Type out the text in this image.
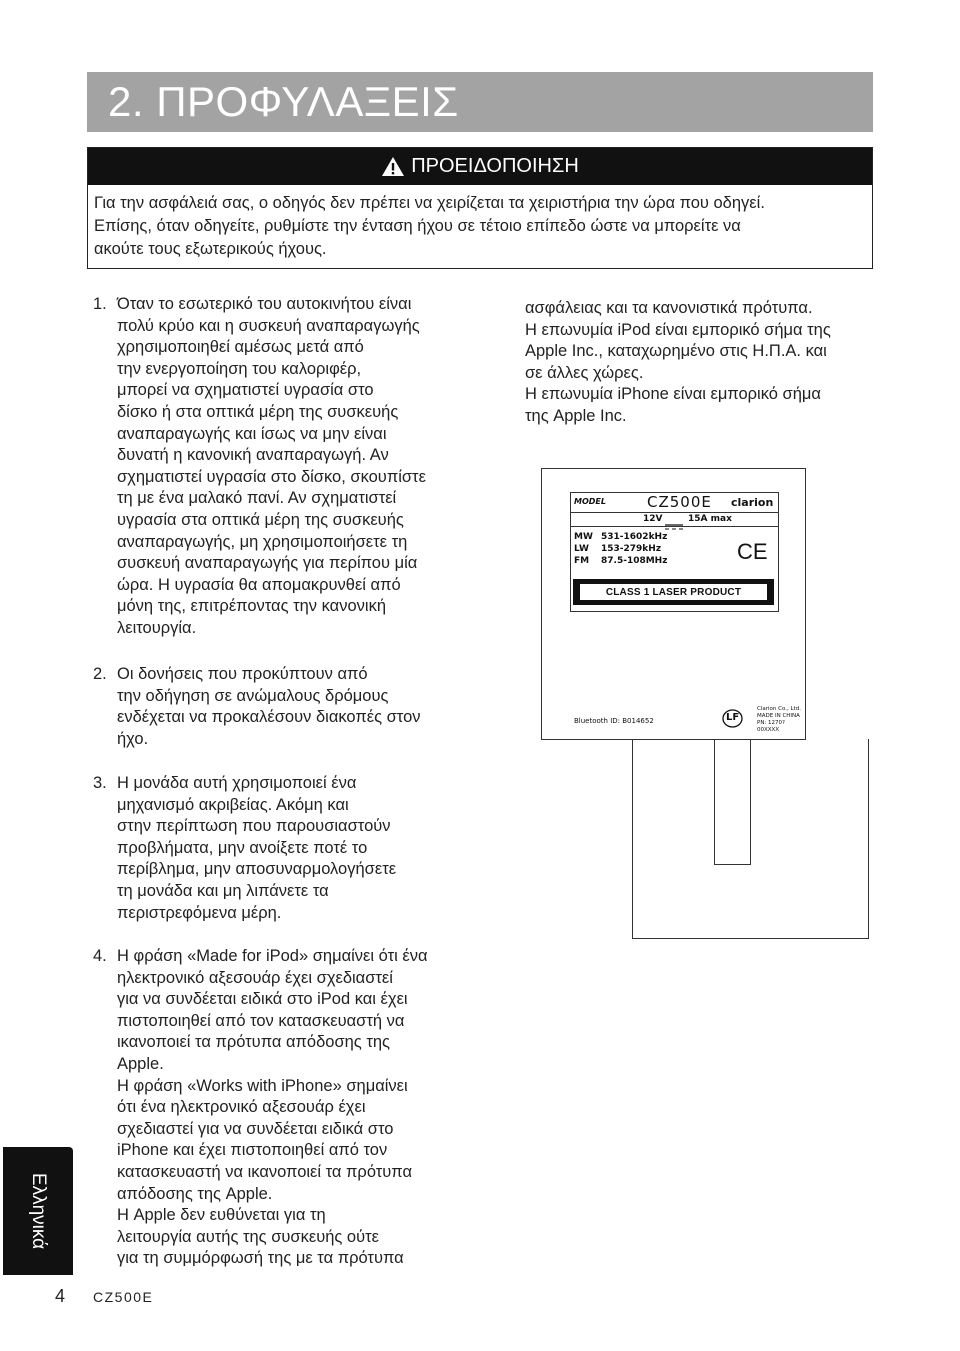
2. ΠΡΟΦΥΛΑΞΕΙΣ
ΠΡΟΕΙΔΟΠΟΙΗΣΗ
Για την ασφάλειά σας, ο οδηγός δεν πρέπει να χειρίζεται τα χειριστήρια την ώρα που οδηγεί.
Επίσης, όταν οδηγείτε, ρυθμίστε την ένταση ήχου σε τέτοιο επίπεδο ώστε να μπορείτε να
ακούτε τους εξωτερικούς ήχους.
1. Όταν το εσωτερικό του αυτοκινήτου είναι
πολύ κρύο και η συσκευή αναπαραγωγής
χρησιμοποιηθεί αμέσως μετά από
την ενεργοποίηση του καλοριφέρ,
μπορεί να σχηματιστεί υγρασία στο
δίσκο ή στα οπτικά μέρη της συσκευής
αναπαραγωγής και ίσως να μην είναι
δυνατή η κανονική αναπαραγωγή. Αν
σχηματιστεί υγρασία στο δίσκο, σκουπίστε
τη με ένα μαλακό πανί. Αν σχηματιστεί
υγρασία στα οπτικά μέρη της συσκευής
αναπαραγωγής, μη χρησιμοποιήσετε τη
συσκευή αναπαραγωγής για περίπου μία
ώρα. Η υγρασία θα απομακρυνθεί από
μόνη της, επιτρέποντας την κανονική
λειτουργία.
2. Οι δονήσεις που προκύπτουν από
την οδήγηση σε ανώμαλους δρόμους
ενδέχεται να προκαλέσουν διακοπές στον
ήχο.
3. Η μονάδα αυτή χρησιμοποιεί ένα
μηχανισμό ακριβείας. Ακόμη και
στην περίπτωση που παρουσιαστούν
προβλήματα, μην ανοίξετε ποτέ το
περίβλημα, μην αποσυναρμολογήσετε
τη μονάδα και μη λιπάνετε τα
περιστρεφόμενα μέρη.
4. Η φράση «Made for iPod» σημαίνει ότι ένα
ηλεκτρονικό αξεσουάρ έχει σχεδιαστεί
για να συνδέεται ειδικά στο iPod και έχει
πιστοποιηθεί από τον κατασκευαστή να
ικανοποιεί τα πρότυπα απόδοσης της
Apple.
Η φράση «Works with iPhone» σημαίνει
ότι ένα ηλεκτρονικό αξεσουάρ έχει
σχεδιαστεί για να συνδέεται ειδικά στο
iPhone και έχει πιστοποιηθεί από τον
κατασκευαστή να ικανοποιεί τα πρότυπα
απόδοσης της Apple.
Η Apple δεν ευθύνεται για τη
λειτουργία αυτής της συσκευής ούτε
για τη συμμόρφωσή της με τα πρότυπα
ασφάλειας και τα κανονιστικά πρότυπα.
Η επωνυμία iPod είναι εμπορικό σήμα της
Apple Inc., καταχωρημένο στις Η.Π.Α. και
σε άλλες χώρες.
Η επωνυμία iPhone είναι εμπορικό σήμα
της Apple Inc.
MODEL	CZ500E clarion
12V	15A max
MW 531-1602kHz
LW 153-279kHz
FM 87.5-108MHz	CE
CLASS 1 LASER PRODUCT
Bluetooth ID: B014652	LF
Clarion Co., Ltd.
MADE IN CHINA
PN: 1270?00XXXX
Ελληνικά
4 CZ500E
